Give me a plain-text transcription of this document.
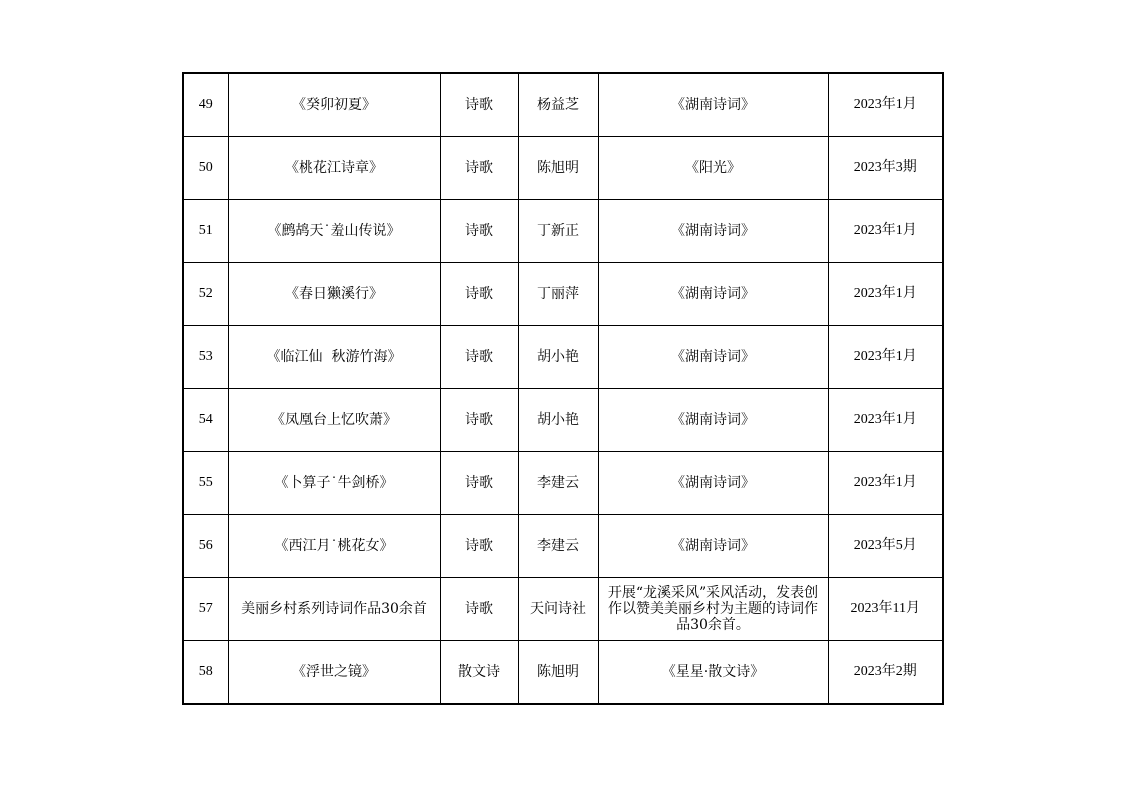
49	《癸卯初夏》	诗歌	杨益芝	《湖南诗词》	2023年1月
50	《桃花江诗章》	诗歌	陈旭明	《阳光》	2023年3期
51	《鹧鸪天˙羞山传说》	诗歌	丁新正	《湖南诗词》	2023年1月
52	《春日獭溪行》	诗歌	丁丽萍	《湖南诗词》	2023年1月
53	《临江仙  秋游竹海》	诗歌	胡小艳	《湖南诗词》	2023年1月
54	《凤凰台上忆吹萧》	诗歌	胡小艳	《湖南诗词》	2023年1月
55	《卜算子˙牛剑桥》	诗歌	李建云	《湖南诗词》	2023年1月
56	《西江月˙桃花女》	诗歌	李建云	《湖南诗词》	2023年5月
57	美丽乡村系列诗词作品30余首	诗歌	天问诗社	开展“龙溪采风”采风活动，发表创作以赞美美丽乡村为主题的诗词作品30余首。	2023年11月
58	《浮世之镜》	散文诗	陈旭明	《星星·散文诗》	2023年2期
